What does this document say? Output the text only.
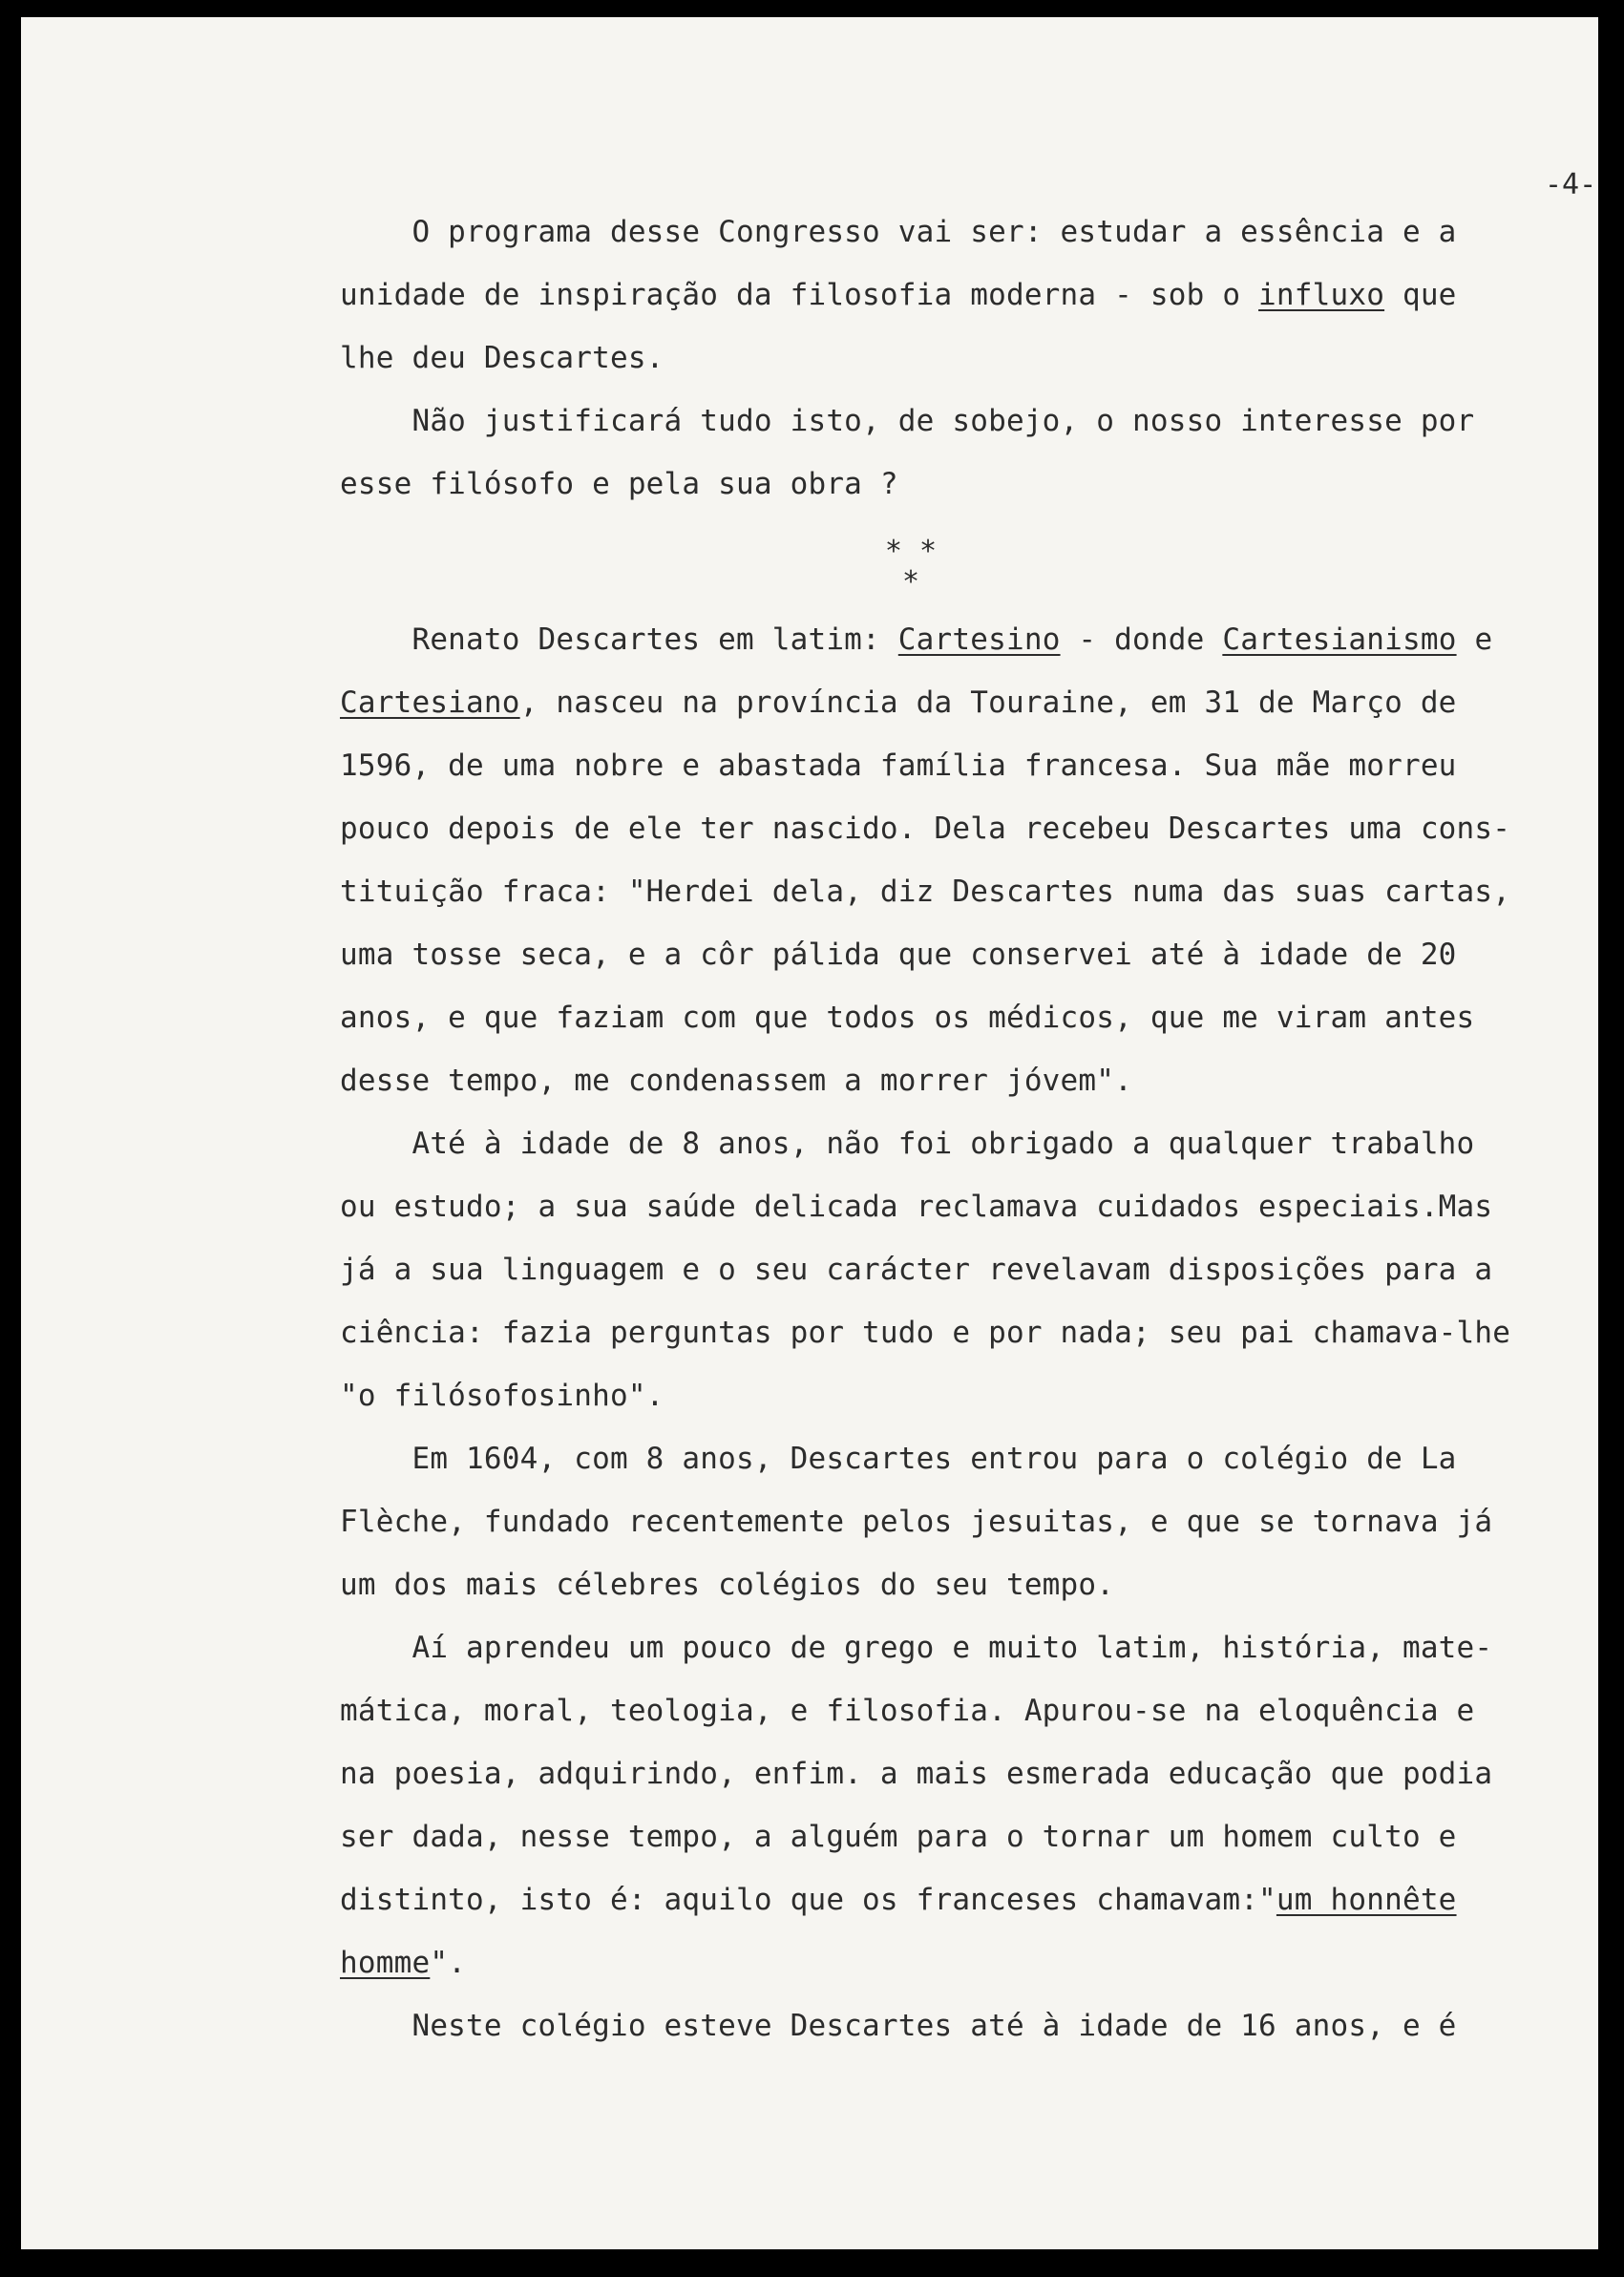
-4-

O programa desse Congresso vai ser: estudar a essência e a

unidade de inspiração da filosofia moderna - sob o influxo que

lhe deu Descartes.

Não justificará tudo isto, de sobejo, o nosso interesse por

esse filósofo e pela sua obra ?

* *
*

Renato Descartes em latim: Cartesino - donde Cartesianismo e

Cartesiano, nasceu na província da Touraine, em 31 de Março de

1596, de uma nobre e abastada família francesa. Sua mãe morreu

pouco depois de ele ter nascido. Dela recebeu Descartes uma cons-

tituição fraca: "Herdei dela, diz Descartes numa das suas cartas,

uma tosse seca, e a côr pálida que conservei até à idade de 20

anos, e que faziam com que todos os médicos, que me viram antes

desse tempo, me condenassem a morrer jóvem".

Até à idade de 8 anos, não foi obrigado a qualquer trabalho

ou estudo; a sua saúde delicada reclamava cuidados especiais.Mas

já a sua linguagem e o seu carácter revelavam disposições para a

ciência: fazia perguntas por tudo e por nada; seu pai chamava-lhe

"o filósofosinho".

Em 1604, com 8 anos, Descartes entrou para o colégio de La

Flèche, fundado recentemente pelos jesuitas, e que se tornava já

um dos mais célebres colégios do seu tempo.

Aí aprendeu um pouco de grego e muito latim, história, mate-

mática, moral, teologia, e filosofia. Apurou-se na eloquência e

na poesia, adquirindo, enfim. a mais esmerada educação que podia

ser dada, nesse tempo, a alguém para o tornar um homem culto e

distinto, isto é: aquilo que os franceses chamavam:"um honnête

homme".

Neste colégio esteve Descartes até à idade de 16 anos, e é
